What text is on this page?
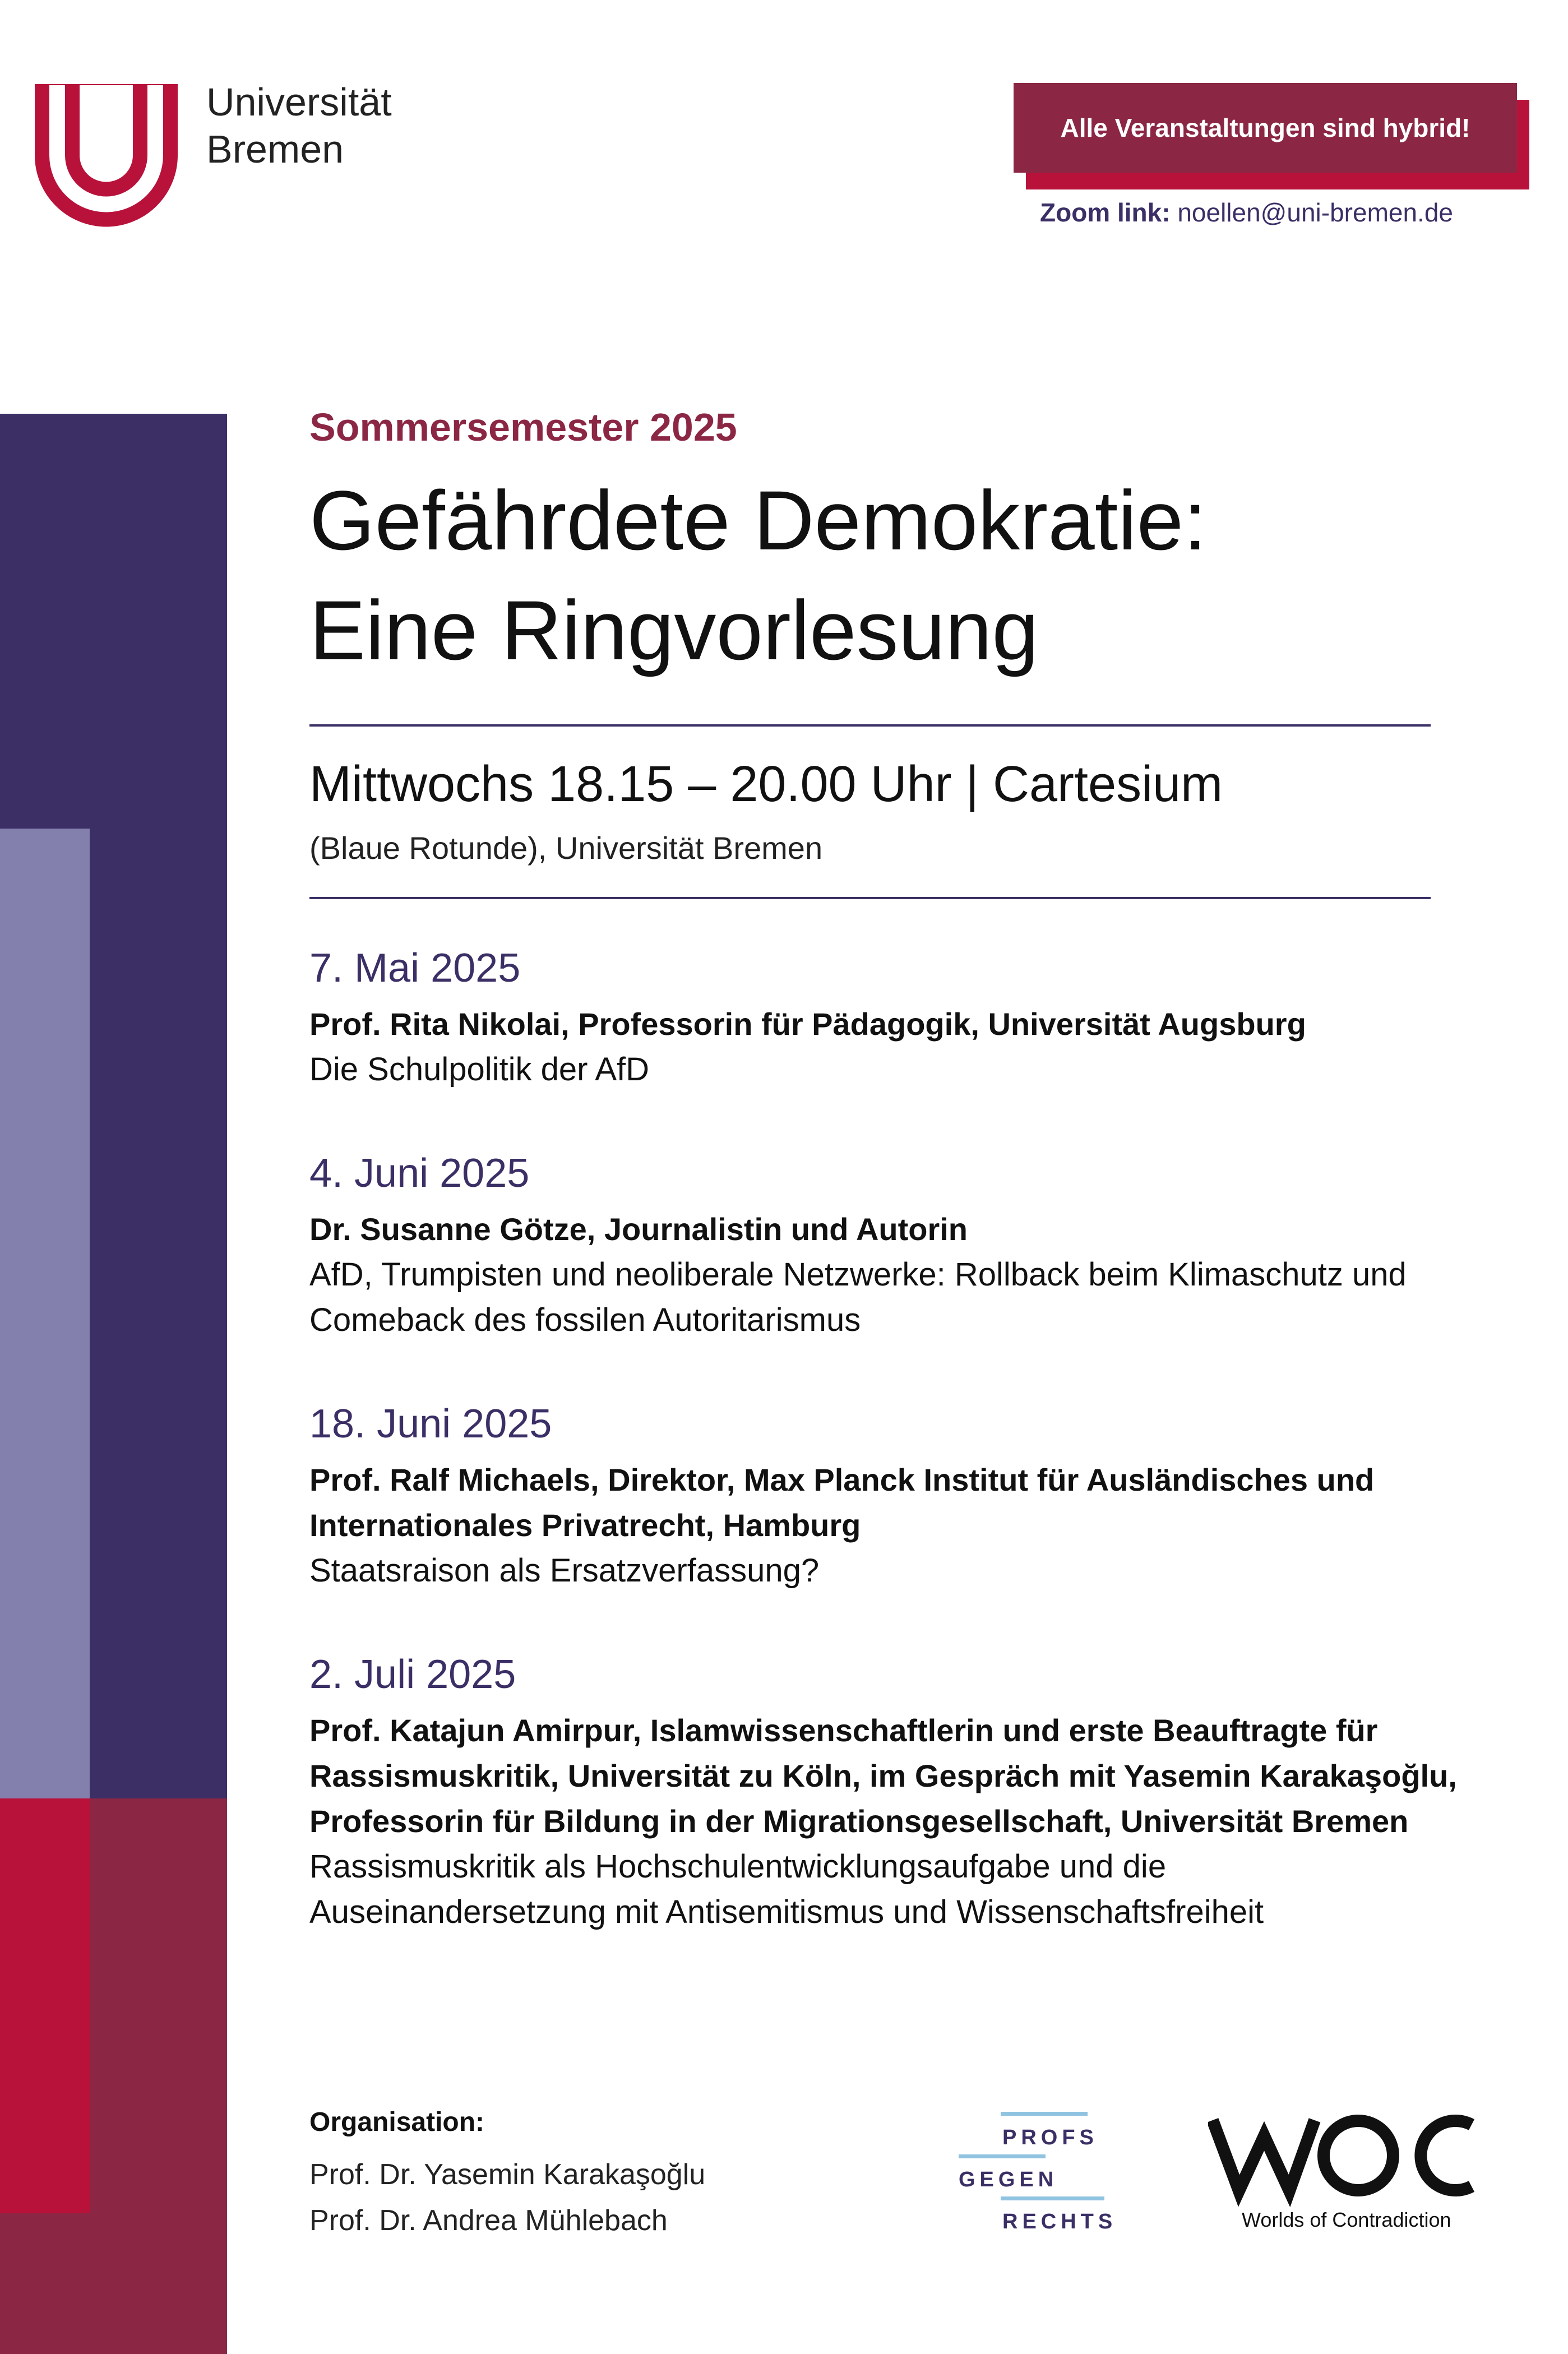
Universität
Bremen	Alle Veranstaltungen sind hybrid!
Zoom link: noellen@uni-bremen.de
Sommersemester 2025
Gefährdete Demokratie:
Eine Ringvorlesung
Mittwochs 18.15 – 20.00 Uhr | Cartesium
(Blaue Rotunde), Universität Bremen
7. Mai 2025
Prof. Rita Nikolai, Professorin für Pädagogik, Universität Augsburg
Die Schulpolitik der AfD
4. Juni 2025
Dr. Susanne Götze, Journalistin und Autorin
AfD, Trumpisten und neoliberale Netzwerke: Rollback beim Klimaschutz und Comeback des fossilen Autoritarismus
18. Juni 2025
Prof. Ralf Michaels, Direktor, Max Planck Institut für Ausländisches und Internationales Privatrecht, Hamburg
Staatsraison als Ersatzverfassung?
2. Juli 2025
Prof. Katajun Amirpur, Islamwissenschaftlerin und erste Beauftragte für Rassismuskritik, Universität zu Köln, im Gespräch mit Yasemin Karakaşoğlu, Professorin für Bildung in der Migrationsgesellschaft, Universität Bremen
Rassismuskritik als Hochschulentwicklungsaufgabe und die Auseinandersetzung mit Antisemitismus und Wissenschaftsfreiheit
Organisation:
Prof. Dr. Yasemin Karakaşoğlu
Prof. Dr. Andrea Mühlebach
PROFS
GEGEN
RECHTS	Worlds of Contradiction
